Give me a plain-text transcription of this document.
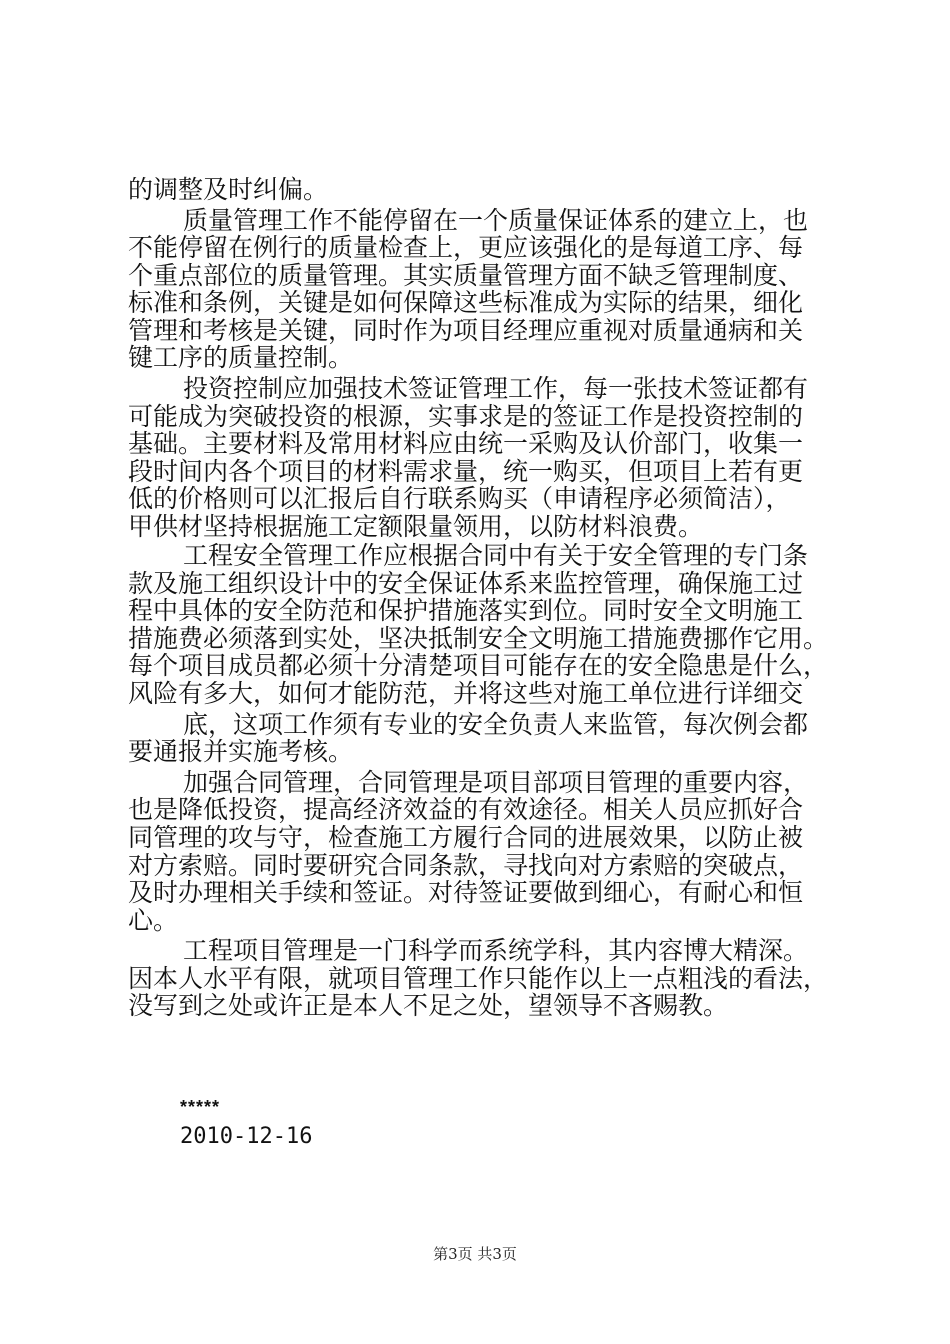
的调整及时纠偏。
质量管理工作不能停留在一个质量保证体系的建立上，也
不能停留在例行的质量检查上，更应该强化的是每道工序、每
个重点部位的质量管理。其实质量管理方面不缺乏管理制度、
标准和条例，关键是如何保障这些标准成为实际的结果，细化
管理和考核是关键，同时作为项目经理应重视对质量通病和关
键工序的质量控制。
投资控制应加强技术签证管理工作，每一张技术签证都有
可能成为突破投资的根源，实事求是的签证工作是投资控制的
基础。主要材料及常用材料应由统一采购及认价部门，收集一
段时间内各个项目的材料需求量，统一购买，但项目上若有更
低的价格则可以汇报后自行联系购买（申请程序必须简洁），
甲供材坚持根据施工定额限量领用，以防材料浪费。
工程安全管理工作应根据合同中有关于安全管理的专门条
款及施工组织设计中的安全保证体系来监控管理，确保施工过
程中具体的安全防范和保护措施落实到位。同时安全文明施工
措施费必须落到实处，坚决抵制安全文明施工措施费挪作它用。
每个项目成员都必须十分清楚项目可能存在的安全隐患是什么，
风险有多大，如何才能防范，并将这些对施工单位进行详细交
底，这项工作须有专业的安全负责人来监管，每次例会都
要通报并实施考核。
加强合同管理，合同管理是项目部项目管理的重要内容，
也是降低投资，提高经济效益的有效途径。相关人员应抓好合
同管理的攻与守，检查施工方履行合同的进展效果，以防止被
对方索赔。同时要研究合同条款，寻找向对方索赔的突破点，
及时办理相关手续和签证。对待签证要做到细心，有耐心和恒
心。
工程项目管理是一门科学而系统学科，其内容博大精深。
因本人水平有限，就项目管理工作只能作以上一点粗浅的看法，
没写到之处或许正是本人不足之处，望领导不吝赐教。
第3页 共3页
*****
2010-12-16
